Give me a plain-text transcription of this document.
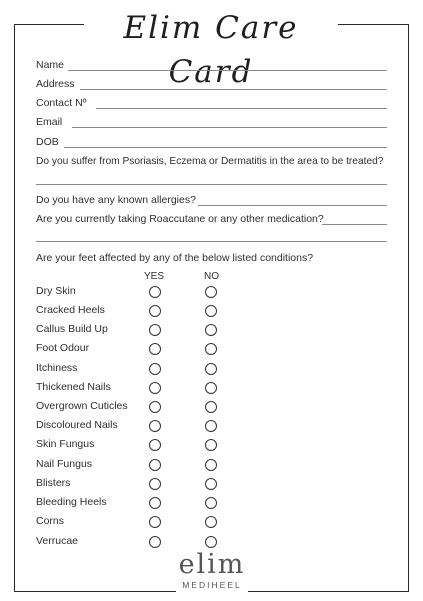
Elim Care Card
Name
Address
Contact Nº
Email
DOB
Do you suffer from Psoriasis, Eczema or Dermatitis in the area to be treated?
Do you have any known allergies?
Are you currently taking Roaccutane or any other medication?
Are your feet affected by any of the below listed conditions?
YES	NO
Dry Skin
Cracked Heels
Callus Build Up
Foot Odour
Itchiness
Thickened Nails
Overgrown Cuticles
Discoloured Nails
Skin Fungus
Nail Fungus
Blisters
Bleeding Heels
Corns
Verrucae
elim
MEDIHEEL
